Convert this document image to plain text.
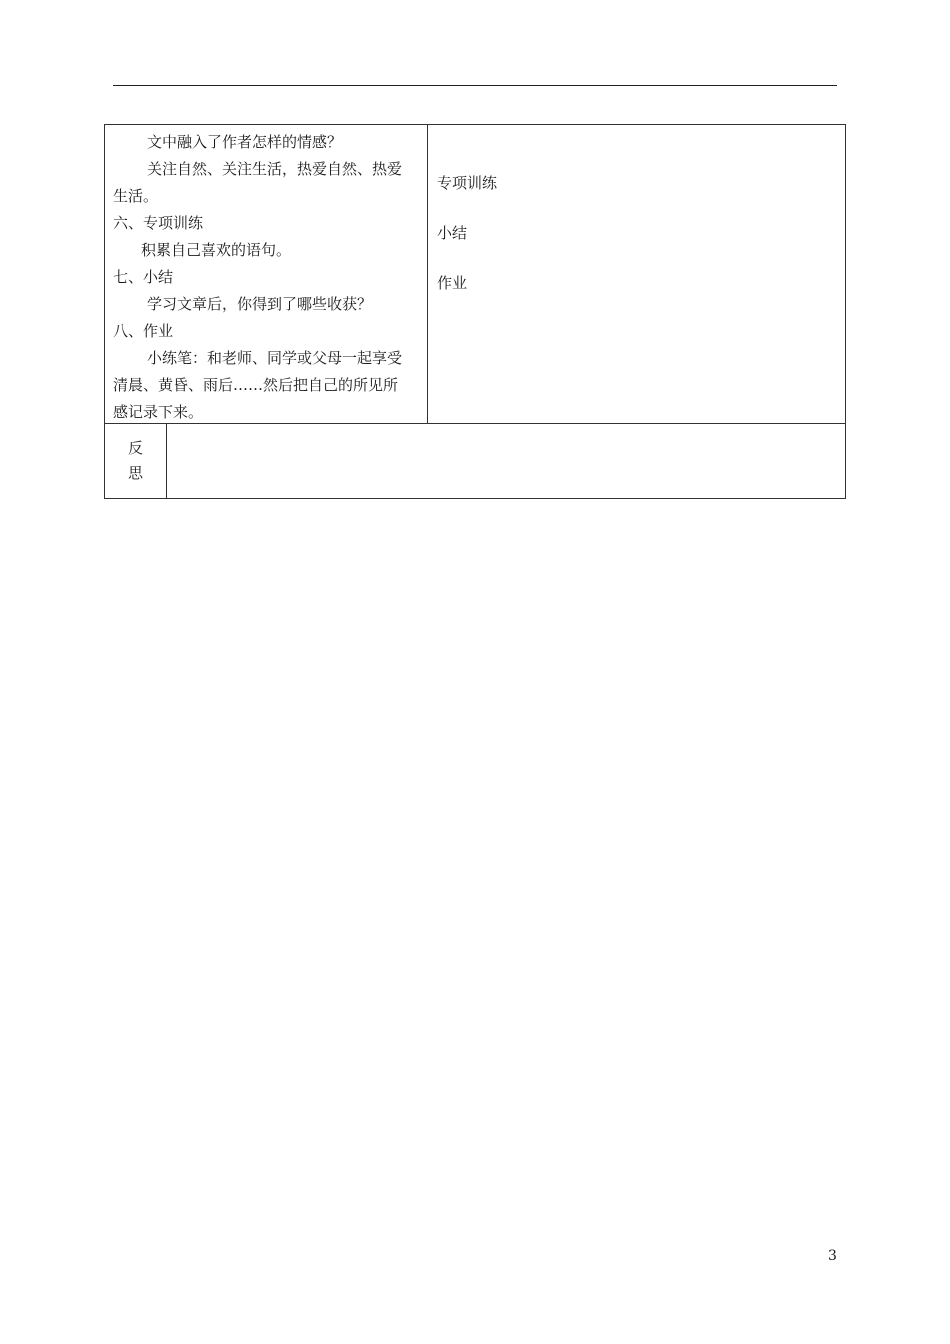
文中融入了作者怎样的情感？

关注自然、关注生活，热爱自然、热爱

生活。

六、专项训练

积累自己喜欢的语句。

七、小结

学习文章后，你得到了哪些收获？

八、作业

小练笔：和老师、同学或父母一起享受

清晨、黄昏、雨后……然后把自己的所见所

感记录下来。

专项训练

小结

作业

反
思
3
